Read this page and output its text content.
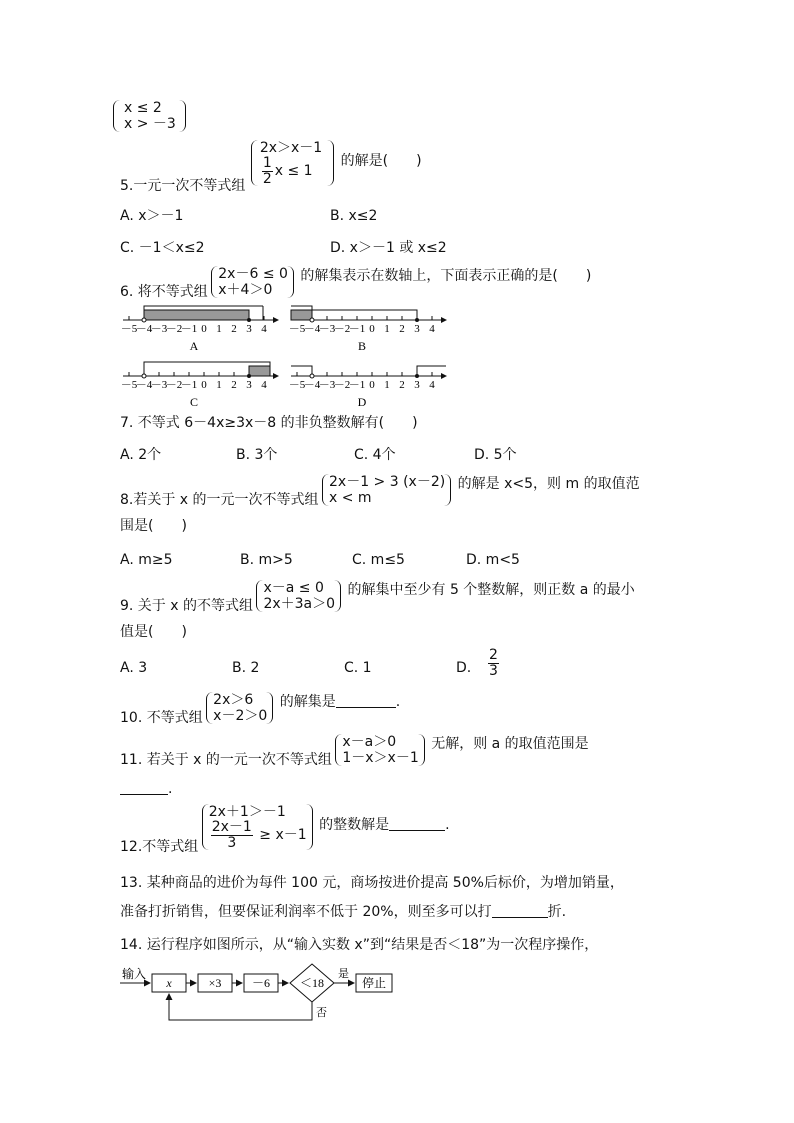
x ≤ 2
x > －3
5.一元一次不等式组
2x＞x－1
$\frac{1}{2}$ x ≤ 1
的解是(　　)
A. x＞－1	B. x≤2
C. －1＜x≤2	D. x＞－1 或 x≤2
6. 将不等式组
2x－6 ≤ 0
x＋4＞0
的解集表示在数轴上，下面表示正确的是(　　)
－5
－4
－3
－2
－1 0 1 2 3 4
A
－5
－4
－3
－2
－1 0 1 2 3 4
B
－5
－4
－3
－2
－1 0 1 2 3 4
C
－5
－4
－3
－2
－1 0 1 2 3 4
D
7. 不等式 6－4x≥3x－8 的非负整数解有(　　)
A. 2个	B. 3个	C. 4个	D. 5个
8.若关于 x 的一元一次不等式组
2x－1 > 3 (x－2)
x < m
的解是 x<5，则 m 的取值范
围是(　　)
A. m≥5	B. m>5	C. m≤5	D. m<5
9. 关于 x 的不等式组
x－a ≤ 0
2x＋3a＞0
的解集中至少有 5 个整数解，则正数 a 的最小
值是(　　)
A. 3	B. 2	C. 1	D. $\frac{2}{3}$
10. 不等式组
2x＞6
x－2＞0
的解集是	.
11. 若关于 x 的一元一次不等式组
x－a＞0
1－x＞x－1
无解，则 a 的取值范围是
.
12.不等式组
2x＋1＞－1
$\frac{2x-1}{3} \ge x-1$
的整数解是	.
13. 某种商品的进价为每件 100 元，商场按进价提高 50%后标价，为增加销量，
准备打折销售，但要保证利润率不低于 20%，则至多可以打	折.
14. 运行程序如图所示，从“输入实数 x”到“结果是否＜18”为一次程序操作，
输入
x	×3	－6 ＜18
是
停止
否
